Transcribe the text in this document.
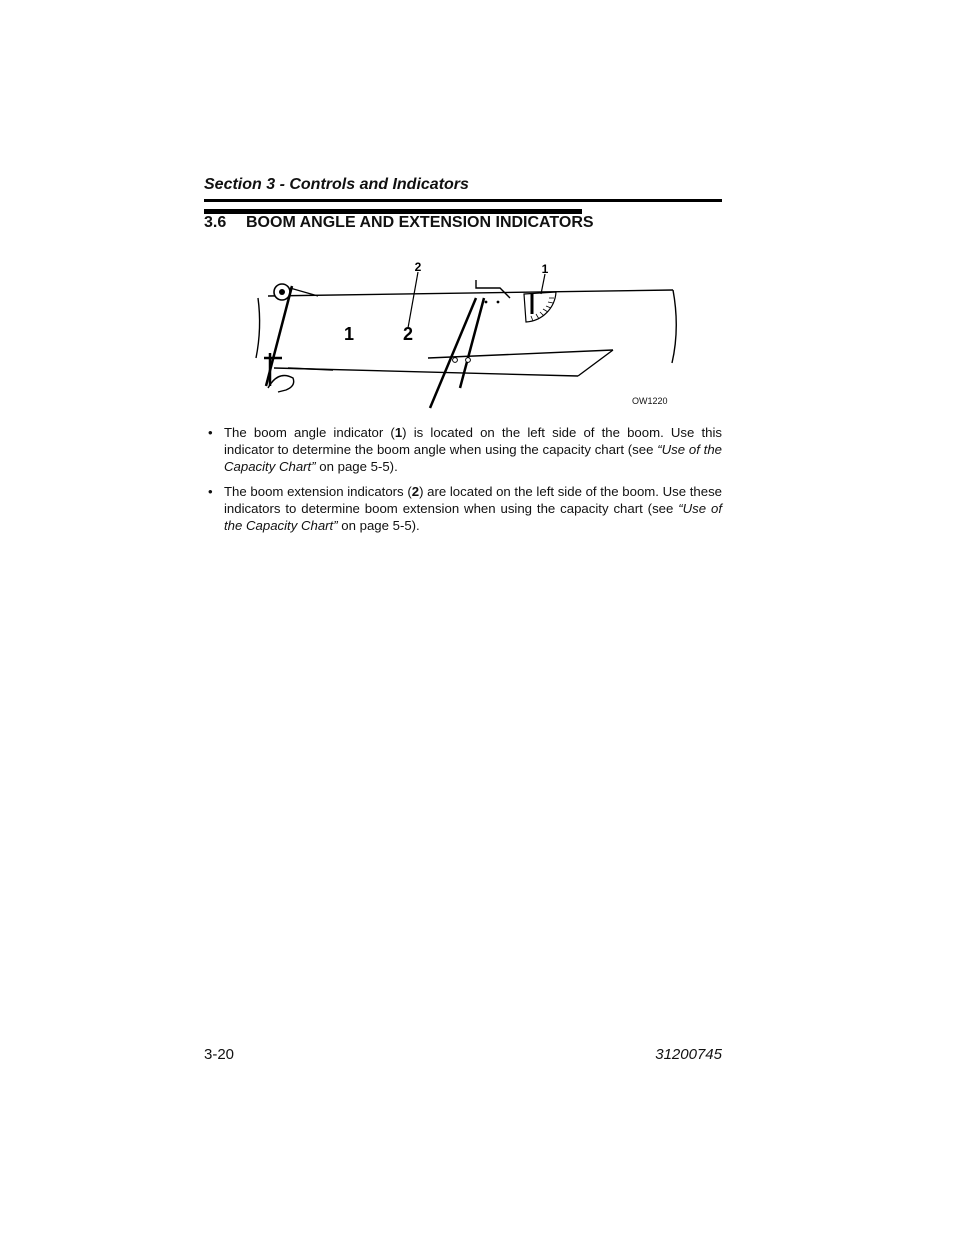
Section 3 - Controls and Indicators
3.6 BOOM ANGLE AND EXTENSION INDICATORS
2	1
1	2
OW1220
• The boom angle indicator (1) is located on the left side of the boom. Use this indicator to determine the boom angle when using the capacity chart (see “Use of the Capacity Chart” on page 5-5).
• The boom extension indicators (2) are located on the left side of the boom. Use these indicators to determine boom extension when using the capacity chart (see “Use of the Capacity Chart” on page 5-5).
3-20	31200745
